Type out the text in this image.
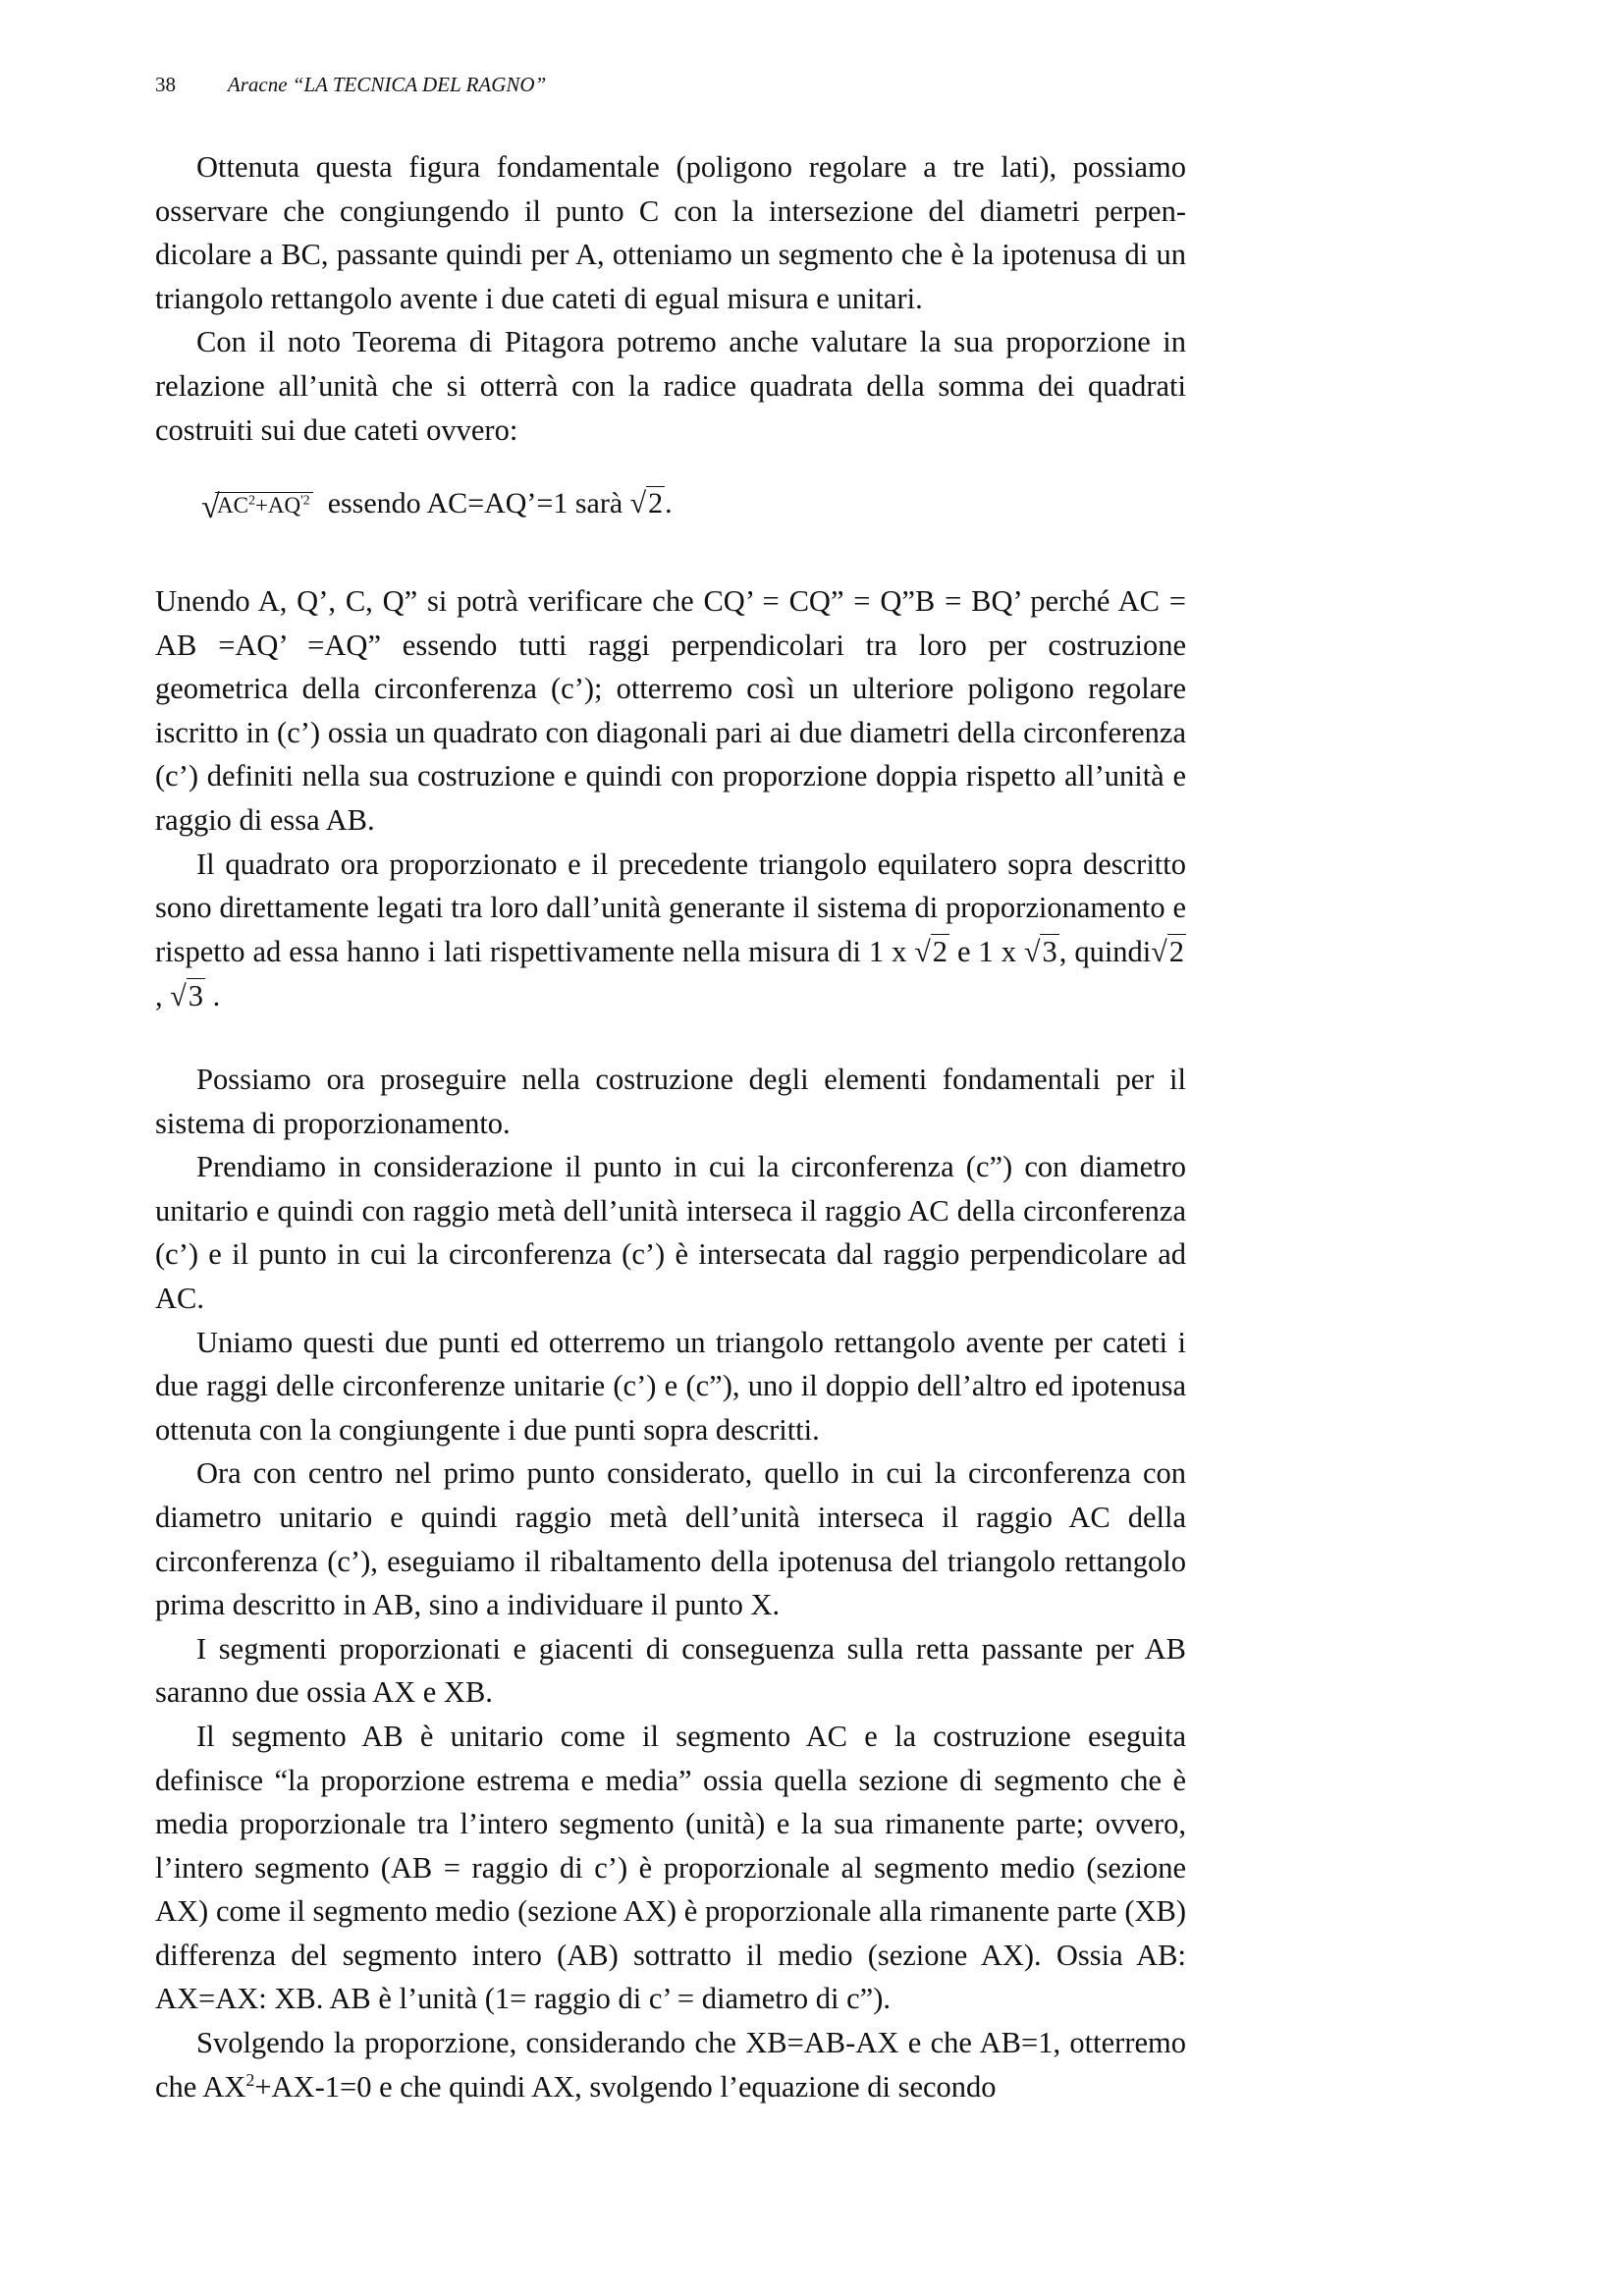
38	Aracne “LA TECNICA DEL RAGNO”

Ottenuta questa figura fondamentale (poligono regolare a tre lati), possiamo osservare che congiungendo il punto C con la intersezione del diametri perpendicolare a BC, passante quindi per A, otteniamo un segmento che è la ipotenusa di un triangolo rettangolo avente i due cateti di egual misura e unitari.

Con il noto Teorema di Pitagora potremo anche valutare la sua proporzione in relazione all’unità che si otterrà con la radice quadrata della somma dei quadrati costruiti sui due cateti ovvero:

√
$AC^2+AQ^{'2}$ essendo AC=AQ’=1 sarà √2.

Unendo A, Q’, C, Q” si potrà verificare che CQ’ = CQ” = Q”B = BQ’ perché AC = AB =AQ’ =AQ” essendo tutti raggi perpendicolari tra loro per costruzione geometrica della circonferenza (c’); otterremo così un ulteriore poligono regolare iscritto in (c’) ossia un quadrato con diagonali pari ai due diametri della circonferenza (c’) definiti nella sua costruzione e quindi con proporzione doppia rispetto all’unità e raggio di essa AB.

Il quadrato ora proporzionato e il precedente triangolo equilatero sopra descritto sono direttamente legati tra loro dall’unità generante il sistema di proporzionamento e rispetto ad essa hanno i lati rispettivamente nella misura di 1 x √2 e 1 x √3, quindi√2 , √3 .

Possiamo ora proseguire nella costruzione degli elementi fondamentali per il sistema di proporzionamento.

Prendiamo in considerazione il punto in cui la circonferenza (c”) con diametro unitario e quindi con raggio metà dell’unità interseca il raggio AC della circonferenza (c’) e il punto in cui la circonferenza (c’) è intersecata dal raggio perpendicolare ad AC.

Uniamo questi due punti ed otterremo un triangolo rettangolo avente per cateti i due raggi delle circonferenze unitarie (c’) e (c”), uno il doppio dell’altro ed ipotenusa ottenuta con la congiungente i due punti sopra descritti.

Ora con centro nel primo punto considerato, quello in cui la circonferenza con diametro unitario e quindi raggio metà dell’unità interseca il raggio AC della circonferenza (c’), eseguiamo il ribaltamento della ipotenusa del triangolo rettangolo prima descritto in AB, sino a individuare il punto X.

I segmenti proporzionati e giacenti di conseguenza sulla retta passante per AB saranno due ossia AX e XB.

Il segmento AB è unitario come il segmento AC e la costruzione eseguita definisce “la proporzione estrema e media” ossia quella sezione di segmento che è media proporzionale tra l’intero segmento (unità) e la sua rimanente parte; ovvero, l’intero segmento (AB = raggio di c’) è proporzionale al segmento medio (sezione AX) come il segmento medio (sezione AX) è proporzionale alla rimanente parte (XB) differenza del segmento intero (AB) sottratto il medio (sezione AX). Ossia AB: AX=AX: XB. AB è l’unità (1= raggio di c’ = diametro di c”).

Svolgendo la proporzione, considerando che XB=AB-AX e che AB=1, otterremo che $AX^2+AX-1=0$ e che quindi AX, svolgendo l’equazione di secondo
